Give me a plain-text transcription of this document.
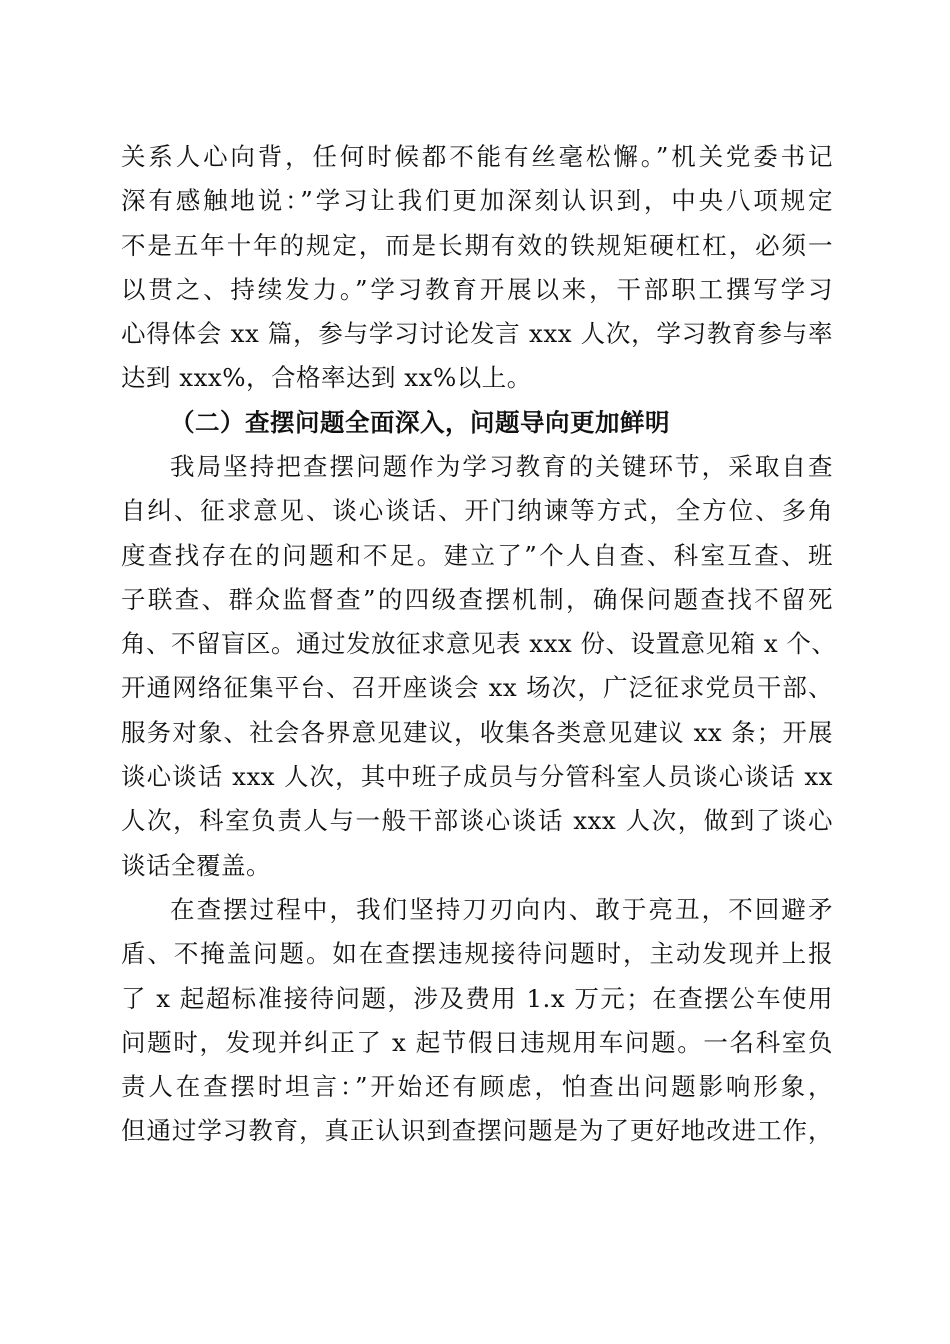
关系人心向背，任何时候都不能有丝毫松懈。”机关党委书记
深有感触地说：”学习让我们更加深刻认识到，中央八项规定
不是五年十年的规定，而是长期有效的铁规矩硬杠杠，必须一
以贯之、持续发力。”学习教育开展以来，干部职工撰写学习
心得体会 xx 篇，参与学习讨论发言 xxx 人次，学习教育参与率
达到 xxx%，合格率达到 xx%以上。
（二）查摆问题全面深入，问题导向更加鲜明
我局坚持把查摆问题作为学习教育的关键环节，采取自查
自纠、征求意见、谈心谈话、开门纳谏等方式，全方位、多角
度查找存在的问题和不足。建立了”个人自查、科室互查、班
子联查、群众监督查”的四级查摆机制，确保问题查找不留死
角、不留盲区。通过发放征求意见表 xxx 份、设置意见箱 x 个、
开通网络征集平台、召开座谈会 xx 场次，广泛征求党员干部、
服务对象、社会各界意见建议，收集各类意见建议 xx 条；开展
谈心谈话 xxx 人次，其中班子成员与分管科室人员谈心谈话 xx
人次，科室负责人与一般干部谈心谈话 xxx 人次，做到了谈心
谈话全覆盖。
在查摆过程中，我们坚持刀刃向内、敢于亮丑，不回避矛
盾、不掩盖问题。如在查摆违规接待问题时，主动发现并上报
了 x 起超标准接待问题，涉及费用 1.x 万元；在查摆公车使用
问题时，发现并纠正了 x 起节假日违规用车问题。一名科室负
责人在查摆时坦言：”开始还有顾虑，怕查出问题影响形象，
但通过学习教育，真正认识到查摆问题是为了更好地改进工作，
